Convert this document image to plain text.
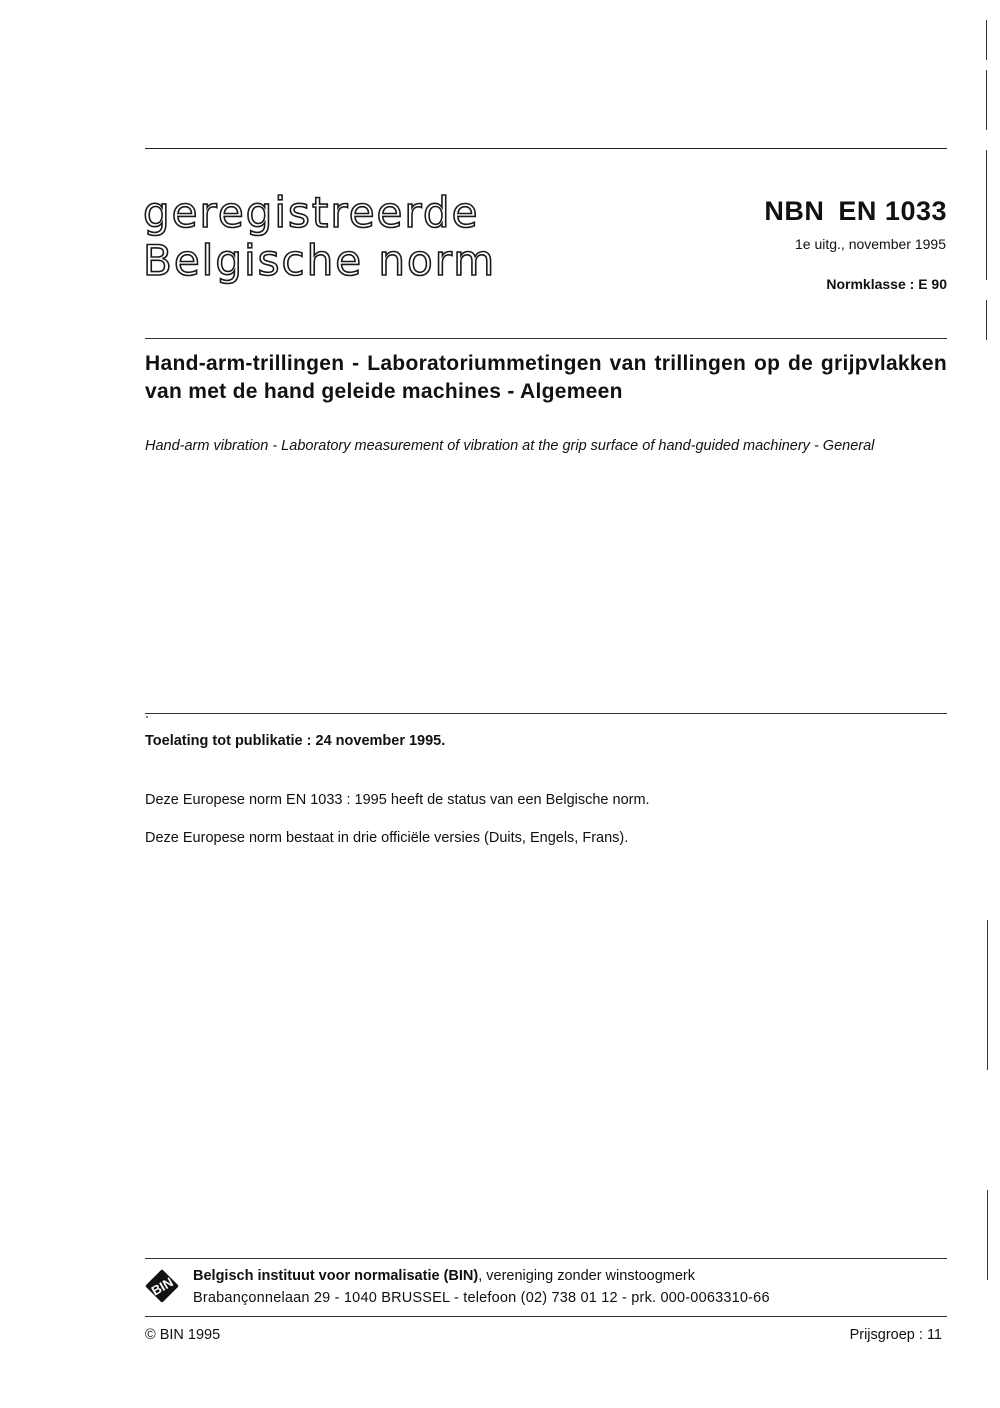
geregistreerde
Belgische norm
NBN EN 1033
1e uitg., november 1995
Normklasse : E 90
Hand-arm-trillingen - Laboratoriummetingen van trillingen op de grijpvlakken van met de hand geleide machines - Algemeen
Hand-arm vibration - Laboratory measurement of vibration at the grip surface of hand-guided machinery - General
Toelating tot publikatie : 24 november 1995.
Deze Europese norm EN 1033 : 1995 heeft de status van een Belgische norm.
Deze Europese norm bestaat in drie officiële versies (Duits, Engels, Frans).
BIN Belgisch instituut voor normalisatie (BIN), vereniging zonder winstoogmerk
Brabançonnelaan 29 - 1040 BRUSSEL - telefoon (02) 738 01 12 - prk. 000-0063310-66
© BIN 1995	Prijsgroep : 11
